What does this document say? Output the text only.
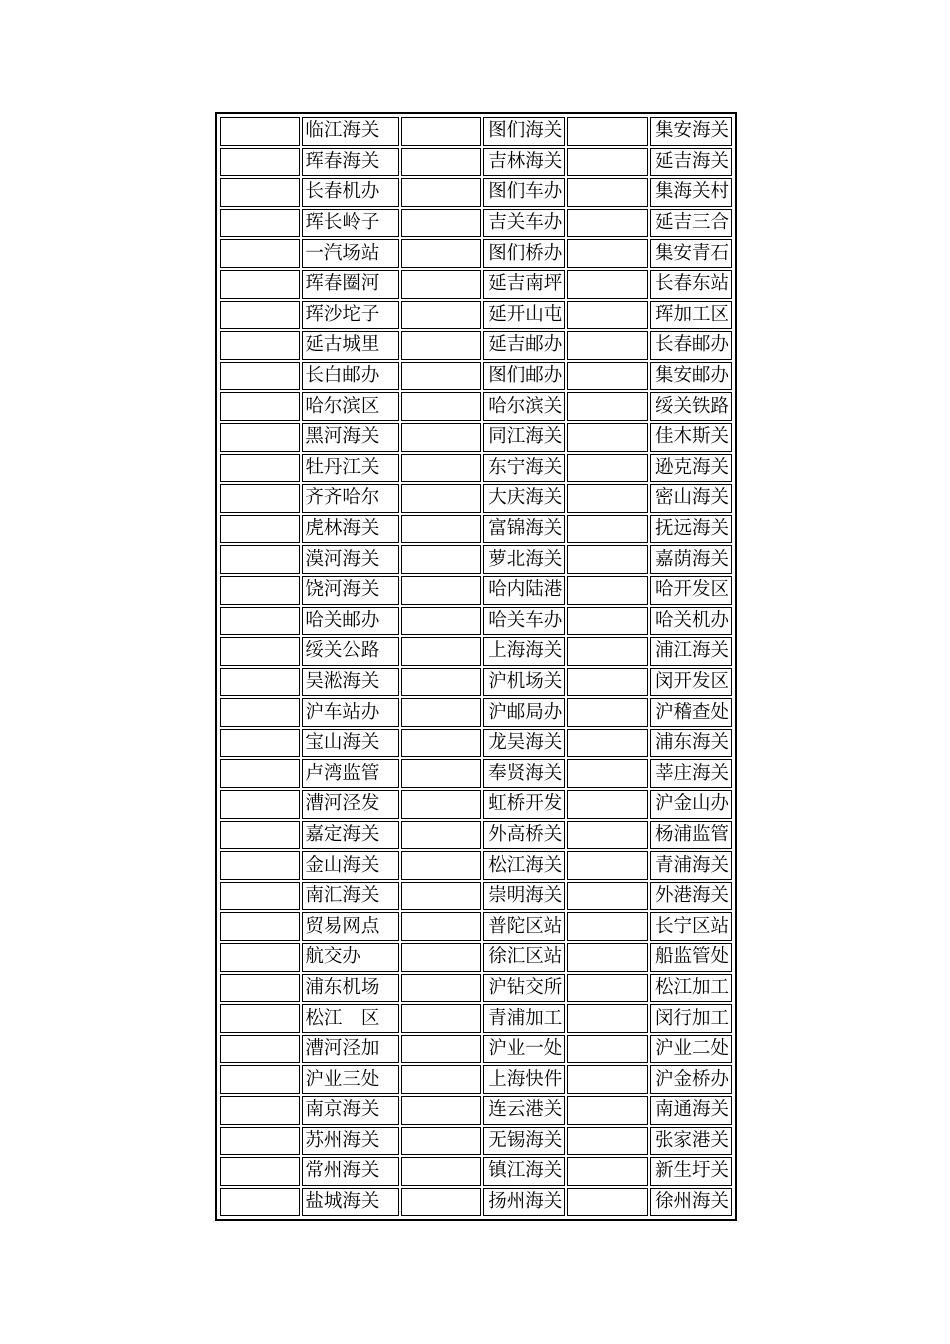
	临江海关		图们海关		集安海关
	珲春海关		吉林海关		延吉海关
	长春机办		图们车办		集海关村
	珲长岭子		吉关车办		延吉三合
	一汽场站		图们桥办		集安青石
	珲春圈河		延吉南坪		长春东站
	珲沙坨子		延开山屯		珲加工区
	延古城里		延吉邮办		长春邮办
	长白邮办		图们邮办		集安邮办
	哈尔滨区		哈尔滨关		绥关铁路
	黑河海关		同江海关		佳木斯关
	牡丹江关		东宁海关		逊克海关
	齐齐哈尔		大庆海关		密山海关
	虎林海关		富锦海关		抚远海关
	漠河海关		萝北海关		嘉荫海关
	饶河海关		哈内陆港		哈开发区
	哈关邮办		哈关车办		哈关机办
	绥关公路		上海海关		浦江海关
	吴淞海关		沪机场关		闵开发区
	沪车站办		沪邮局办		沪稽查处
	宝山海关		龙吴海关		浦东海关
	卢湾监管		奉贤海关		莘庄海关
	漕河泾发		虹桥开发		沪金山办
	嘉定海关		外高桥关		杨浦监管
	金山海关		松江海关		青浦海关
	南汇海关		崇明海关		外港海关
	贸易网点		普陀区站		长宁区站
	航交办		徐汇区站		船监管处
	浦东机场		沪钻交所		松江加工
	松江　区		青浦加工		闵行加工
	漕河泾加		沪业一处		沪业二处
	沪业三处		上海快件		沪金桥办
	南京海关		连云港关		南通海关
	苏州海关		无锡海关		张家港关
	常州海关		镇江海关		新生圩关
	盐城海关		扬州海关		徐州海关
